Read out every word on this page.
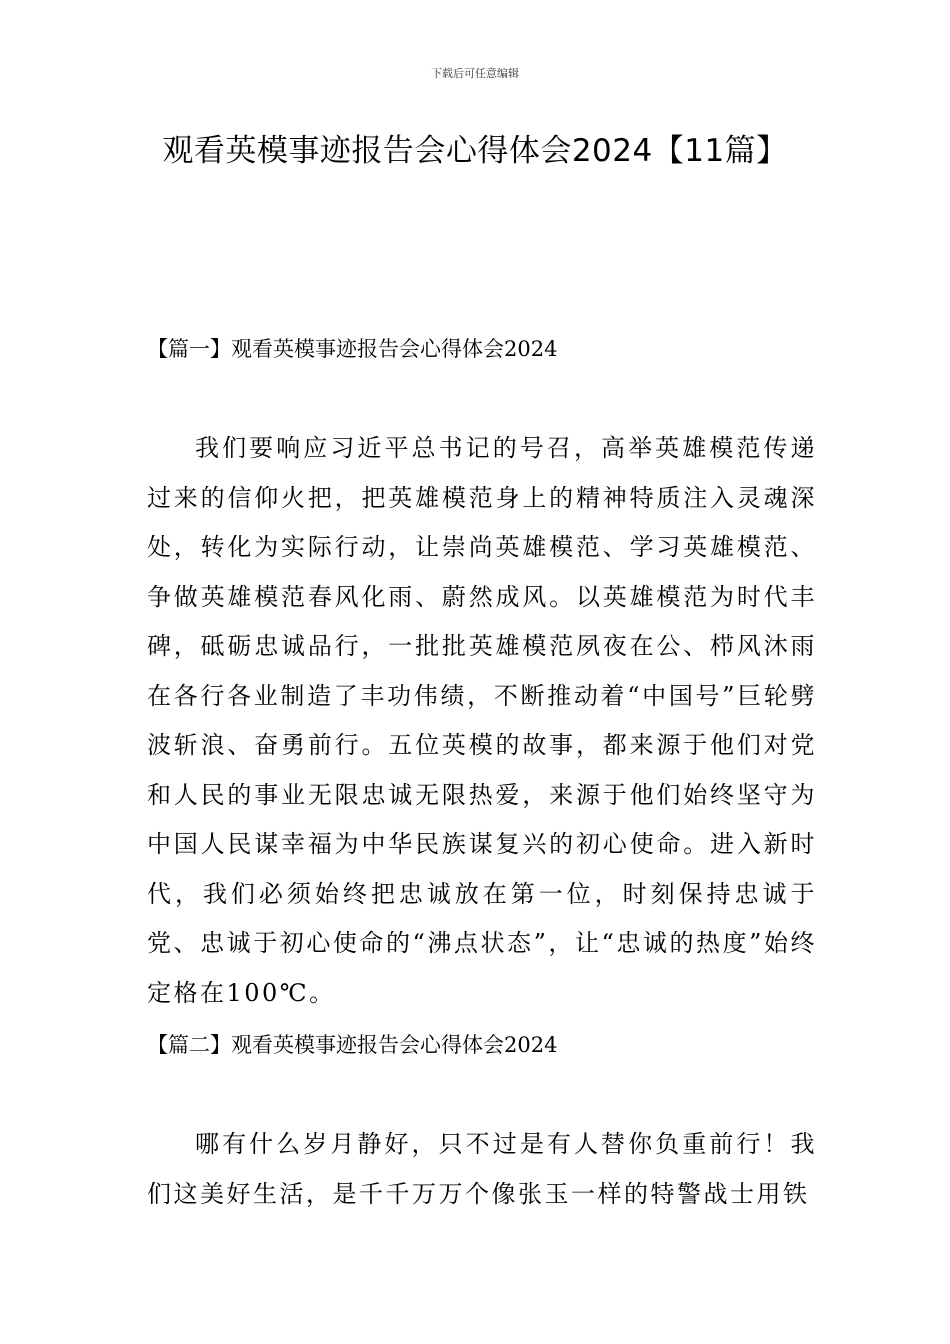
下载后可任意编辑
观看英模事迹报告会心得体会2024【11篇】
【篇一】观看英模事迹报告会心得体会2024

我们要响应习近平总书记的号召，高举英雄模范传递过来的信仰火把，把英雄模范身上的精神特质注入灵魂深处，转化为实际行动，让崇尚英雄模范、学习英雄模范、争做英雄模范春风化雨、蔚然成风。以英雄模范为时代丰碑，砥砺忠诚品行，一批批英雄模范夙夜在公、栉风沐雨在各行各业制造了丰功伟绩，不断推动着“中国号”巨轮劈波斩浪、奋勇前行。五位英模的故事，都来源于他们对党和人民的事业无限忠诚无限热爱，来源于他们始终坚守为中国人民谋幸福为中华民族谋复兴的初心使命。进入新时代，我们必须始终把忠诚放在第一位，时刻保持忠诚于党、忠诚于初心使命的“沸点状态”，让“忠诚的热度”始终定格在100℃。

【篇二】观看英模事迹报告会心得体会2024

哪有什么岁月静好，只不过是有人替你负重前行！我们这美好生活，是千千万万个像张玉一样的特警战士用铁
